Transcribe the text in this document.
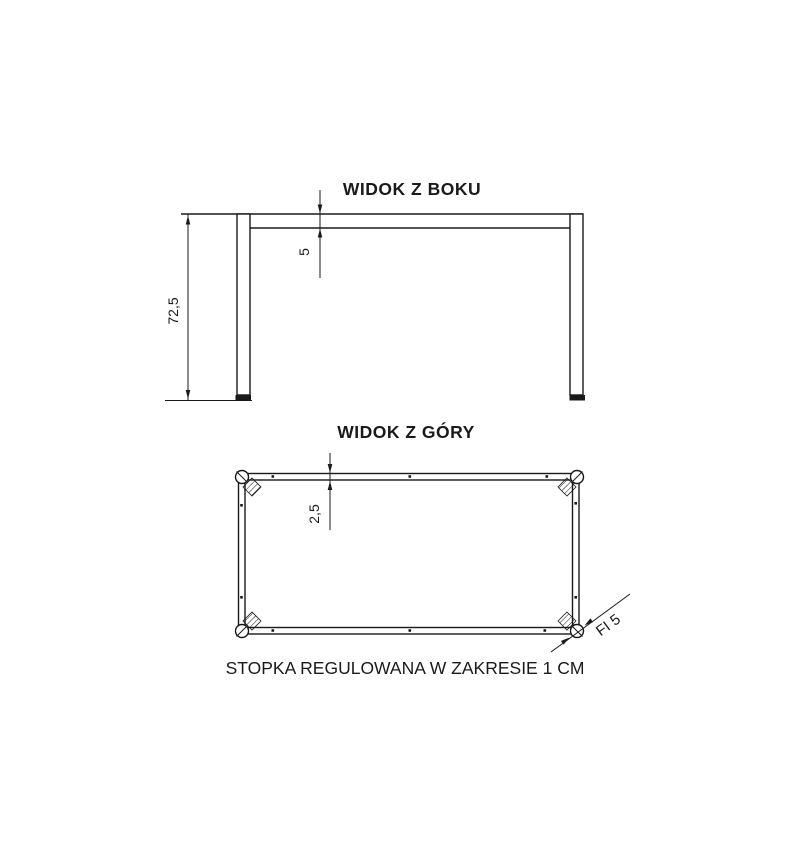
WIDOK Z BOKU
72,5
5
WIDOK Z GÓRY
2,5
FI 5
STOPKA REGULOWANA W ZAKRESIE 1 CM
